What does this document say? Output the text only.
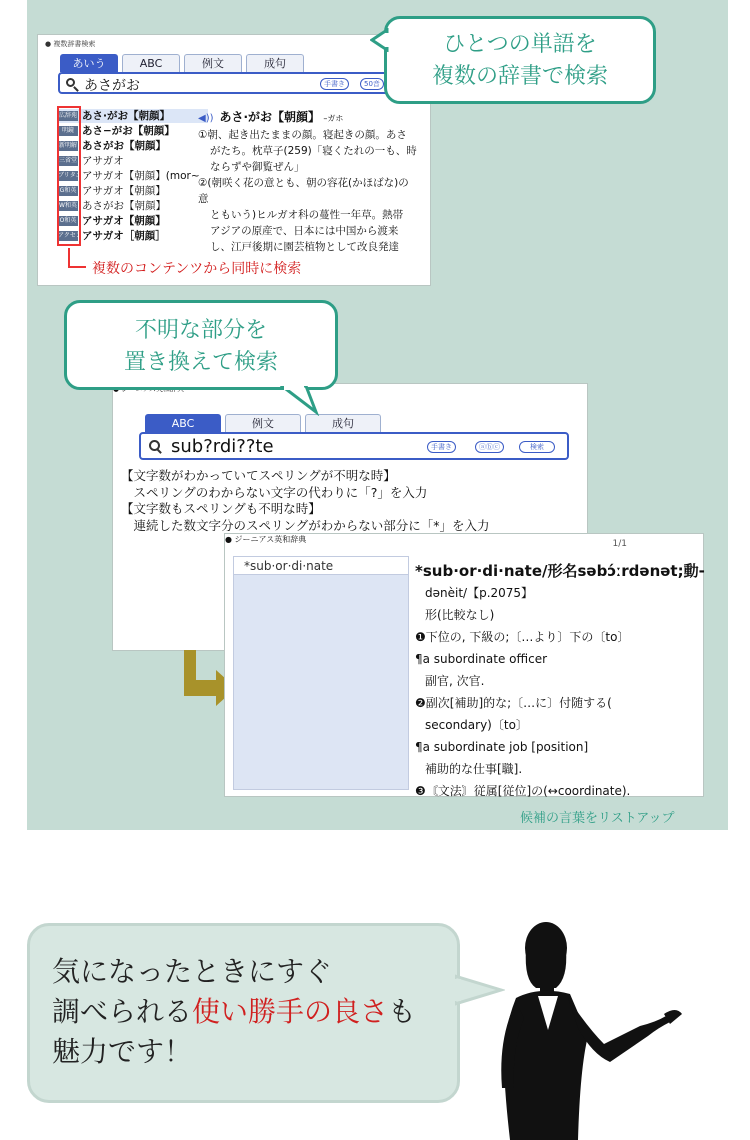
● 複数辞書検索
あいう	ABC	例文	成句
あさがお	手書き	50音
広辞苑 あさ·がお【朝顔】
明鏡 あさ−がお【朝顔】
新明解 あさがお【朝顔】
三省堂 アサガオ
ブリタニカ
アサガオ【朝顔】(mor~
G和英 アサガオ【朝顔】
W和英 あさがお【朝顔】
O和英 アサガオ【朝顔】
アクセント
アサガオ［朝顔］
◀)) あさ·がお【朝顔】 –ガホ
①朝、起き出たままの顔。寝起きの顔。あさ
がたち。枕草子(259)「寝くたれの一も、時
ならずや御覧ぜん」
②(朝咲く花の意とも、朝の容花(かほばな)の意
ともいう)ヒルガオ科の蔓性一年草。熱帯
アジアの原産で、日本には中国から渡来
し、江戸後期に園芸植物として改良発達
複数のコンテンツから同時に検索
ひとつの単語を
複数の辞書で検索
ABC	例文	成句
sub?rdi??te	手書き	ⓐⓑⓒ	検索
【文字数がわかっていてスペリングが不明な時】
　スペリングのわからない文字の代わりに「?」を入力
【文字数もスペリングも不明な時】
　連続した数文字分のスペリングがわからない部分に「*」を入力
不明な部分を
置き換えて検索
● ジーニアス英和辞典	1/1
*sub·or·di·nate	*sub·or·di·nate/形名səbɔ́ːrdənət;動-
dənèit/【p.2075】
形(比較なし)
❶下位の, 下級の;〔…より〕下の〔to〕
¶a subordinate officer
副官, 次官.
❷副次[補助]的な;〔…に〕付随する(
secondary)〔to〕
¶a subordinate job [position]
補助的な仕事[職].
❸〘文法〙従属[従位]の(↔coordinate).
候補の言葉をリストアップ
気になったときにすぐ
調べられる使い勝手の良さも
魅力です！
